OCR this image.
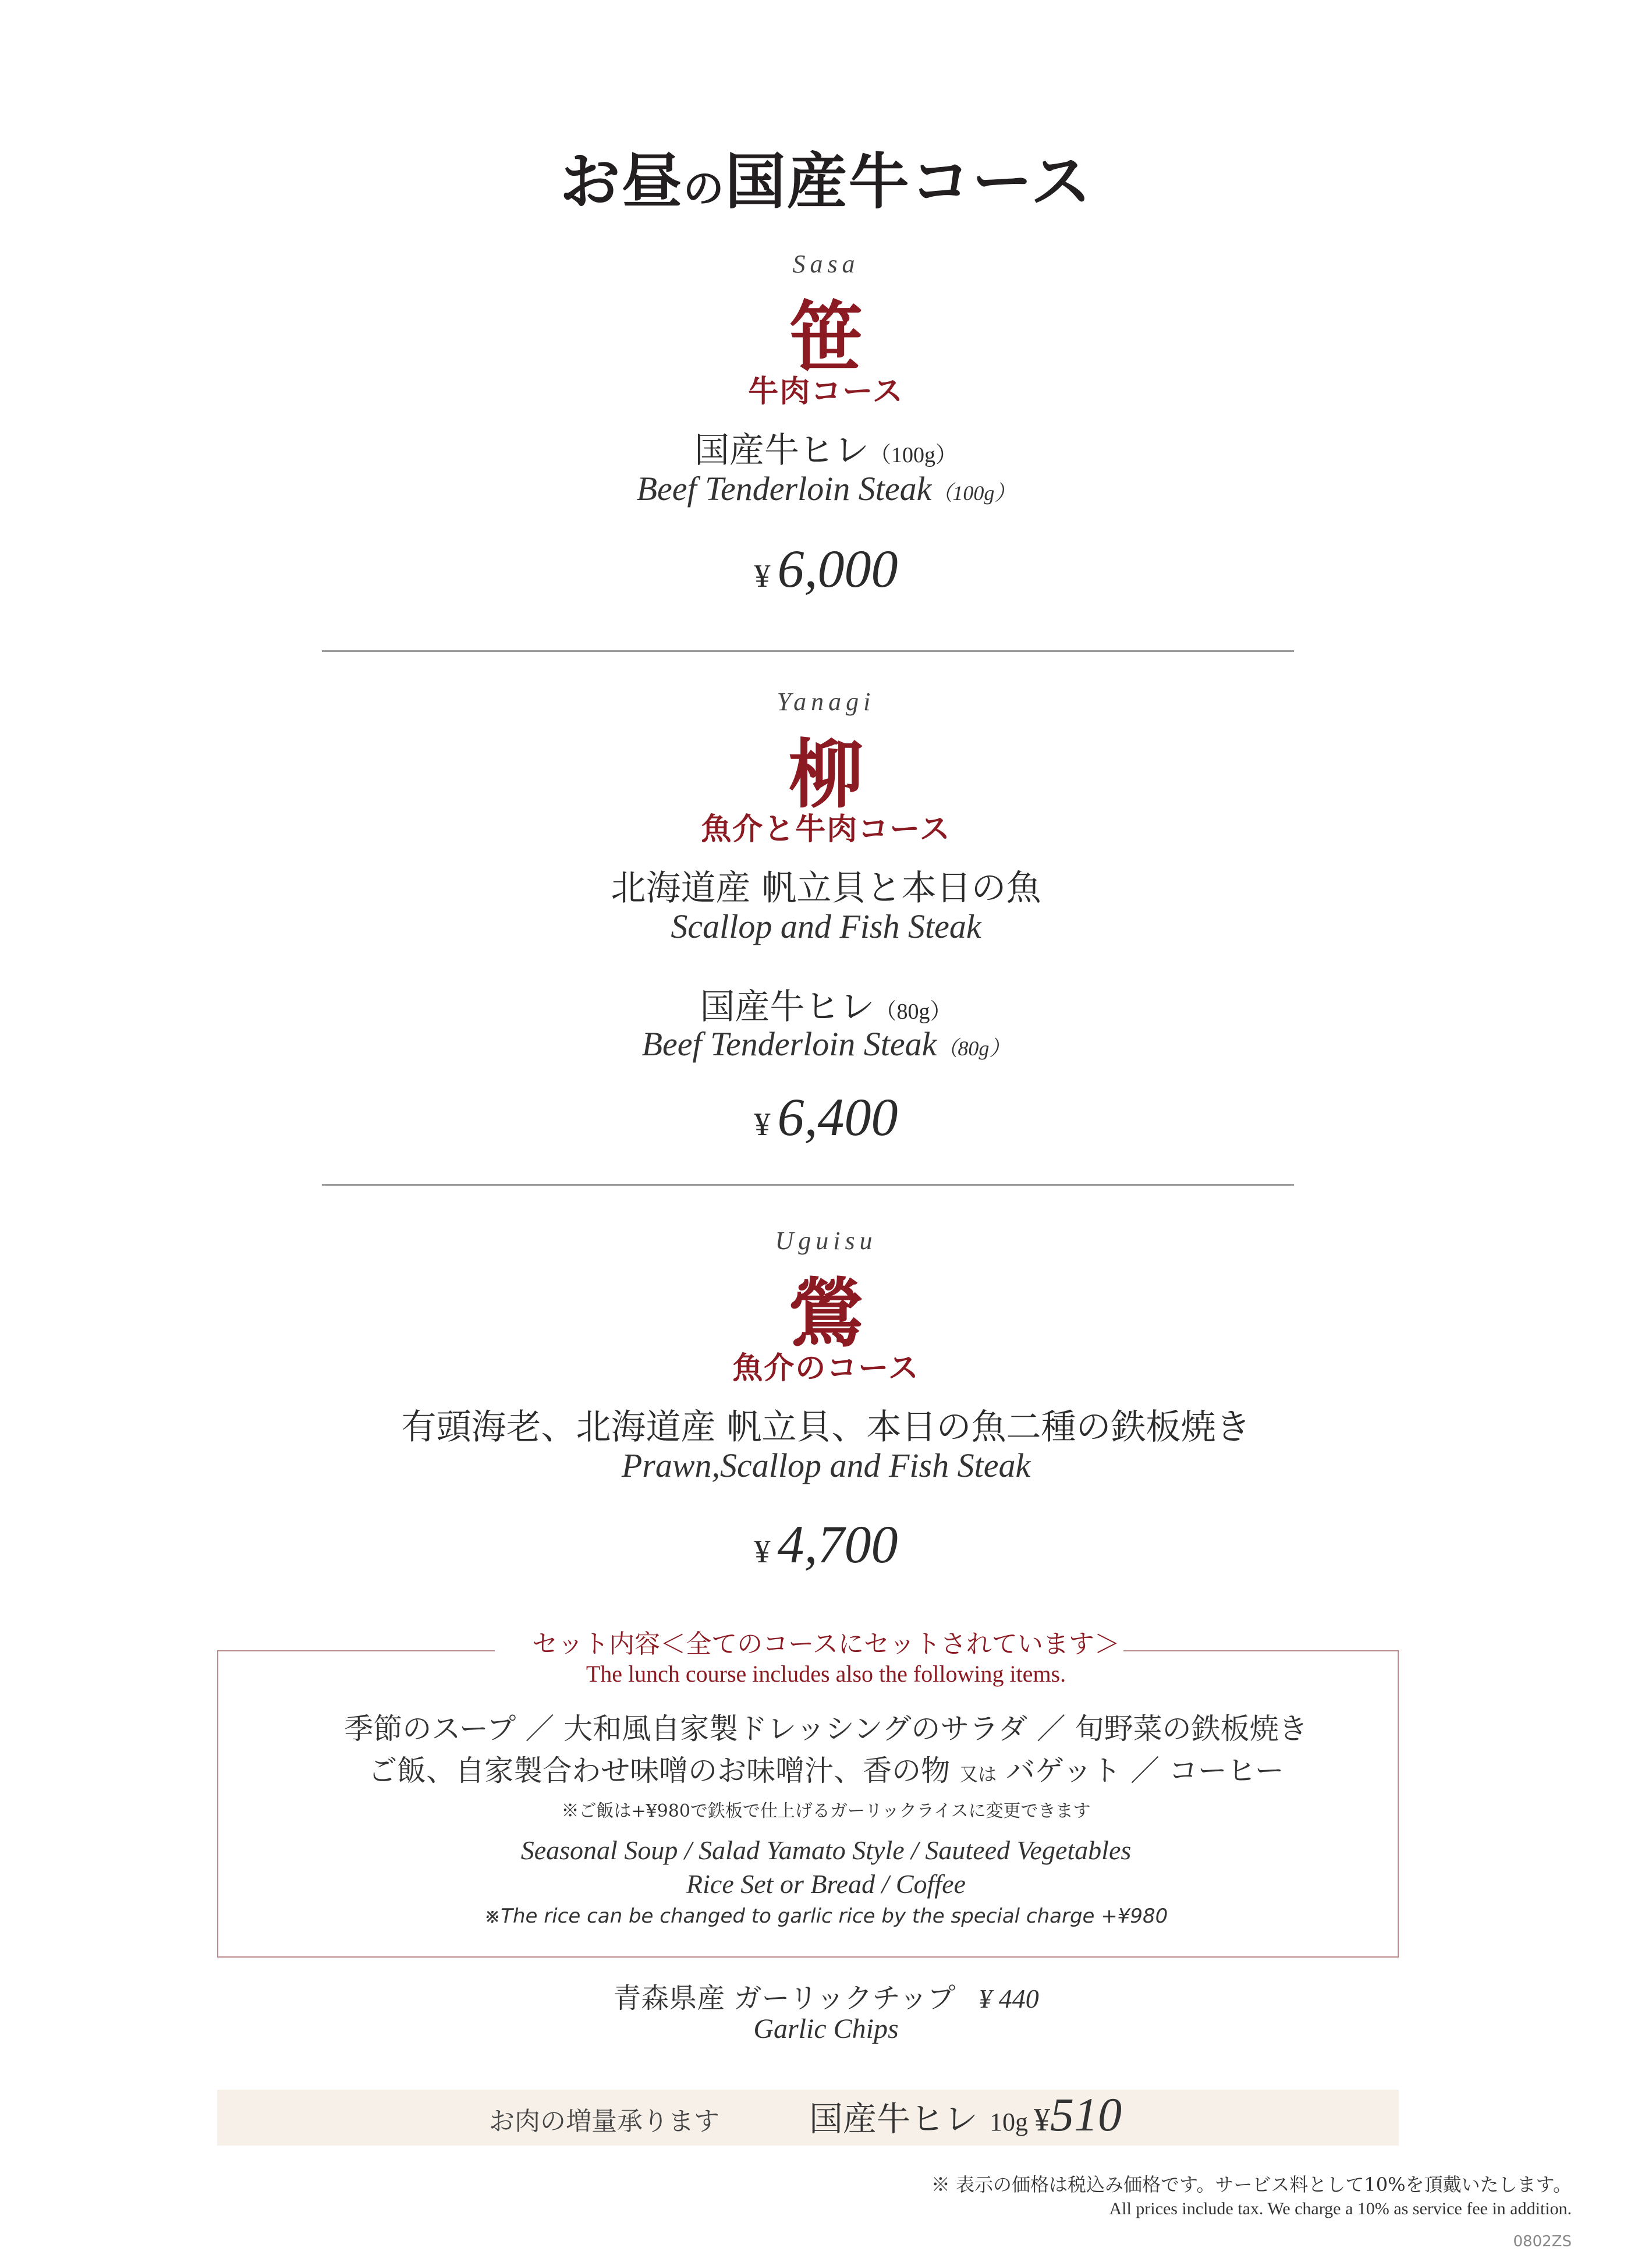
お昼の国産牛コース
Sasa
笹
牛肉コース
国産牛ヒレ（100g）
Beef Tenderloin Steak（100g）
¥ 6,000
Yanagi
柳
魚介と牛肉コース
北海道産 帆立貝と本日の魚
Scallop and Fish Steak
国産牛ヒレ（80g）
Beef Tenderloin Steak（80g）
¥ 6,400
Uguisu
鶯
魚介のコース
有頭海老、北海道産 帆立貝、本日の魚二種の鉄板焼き
Prawn,Scallop and Fish Steak
¥ 4,700
セット内容＜全てのコースにセットされています＞
The lunch course includes also the following items.
季節のスープ ／ 大和風自家製ドレッシングのサラダ ／ 旬野菜の鉄板焼き
ご飯、自家製合わせ味噌のお味噌汁、香の物 又は バゲット ／ コーヒー
※ご飯は+¥980で鉄板で仕上げるガーリックライスに変更できます
Seasonal Soup / Salad Yamato Style / Sauteed Vegetables
Rice Set or Bread / Coffee
※The rice can be changed to garlic rice by the special charge +¥980
青森県産 ガーリックチップ ¥ 440
Garlic Chips
お肉の増量承ります	国産牛ヒレ 10g ¥510
※ 表示の価格は税込み価格です。サービス料として10%を頂戴いたします。
All prices include tax. We charge a 10% as service fee in addition.
0802ZS
